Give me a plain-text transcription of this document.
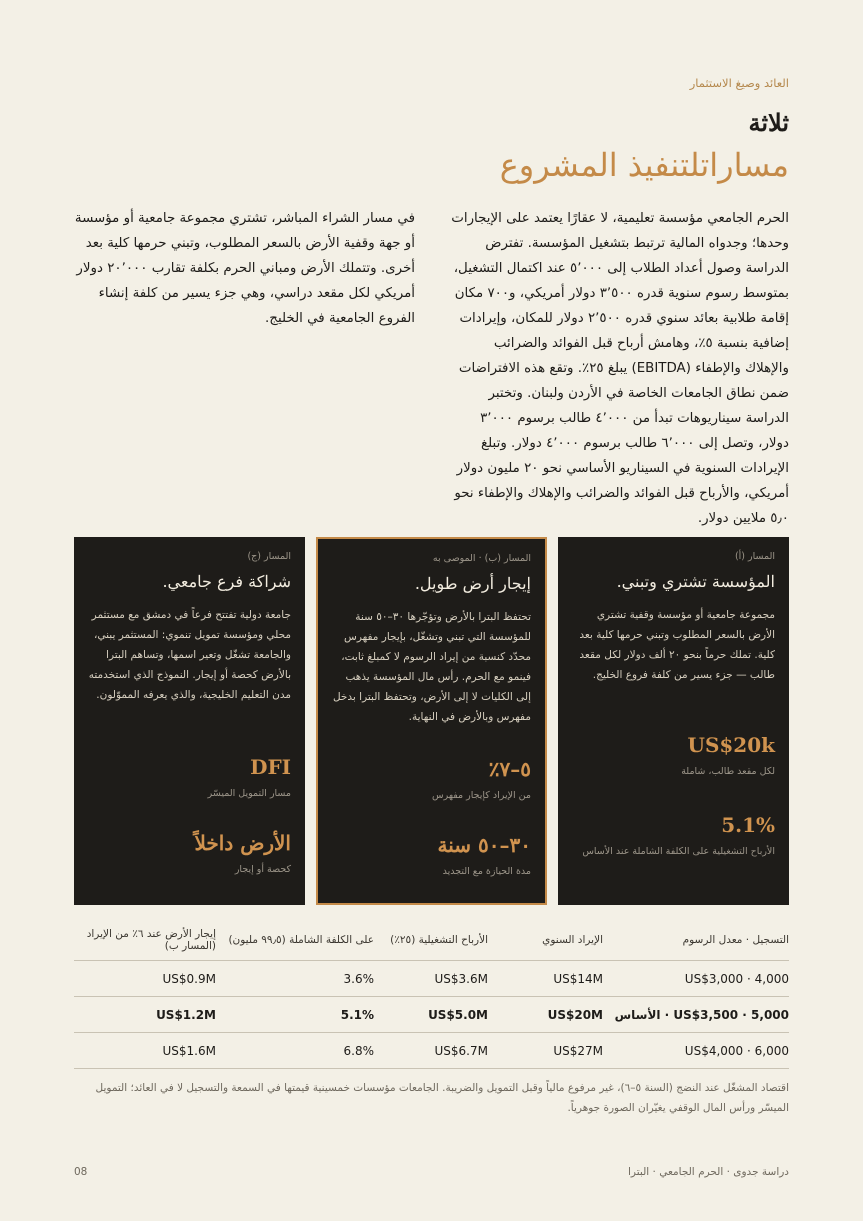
العائد وصيغ الاستثمار
ثلاثة
مساراتلتنفيذ المشروع

الحرم الجامعي مؤسسة تعليمية، لا عقارًا يعتمد على الإيجارات وحدها؛ وجدواه المالية ترتبط بتشغيل المؤسسة. تفترض الدراسة وصول أعداد الطلاب إلى ٥٬٠٠٠ عند اكتمال التشغيل، بمتوسط رسوم سنوية قدره ٣٬٥٠٠ دولار أمريكي، و٧٠٠ مكان إقامة طلابية بعائد سنوي قدره ٢٬٥٠٠ دولار للمكان، وإيرادات إضافية بنسبة ٥٪، وهامش أرباح قبل الفوائد والضرائب والإهلاك والإطفاء (EBITDA) يبلغ ٢٥٪. وتقع هذه الافتراضات ضمن نطاق الجامعات الخاصة في الأردن ولبنان. وتختبر الدراسة سيناريوهات تبدأ من ٤٬٠٠٠ طالب برسوم ٣٬٠٠٠ دولار، وتصل إلى ٦٬٠٠٠ طالب برسوم ٤٬٠٠٠ دولار. وتبلغ الإيرادات السنوية في السيناريو الأساسي نحو ٢٠ مليون دولار أمريكي، والأرباح قبل الفوائد والضرائب والإهلاك والإطفاء نحو ٥٫٠ ملايين دولار.

في مسار الشراء المباشر، تشتري مجموعة جامعية أو مؤسسة أو جهة وقفية الأرض بالسعر المطلوب، وتبني حرمها كلية بعد أخرى. وتتملك الأرض ومباني الحرم بكلفة تقارب ٢٠٬٠٠٠ دولار أمريكي لكل مقعد دراسي، وهي جزء يسير من كلفة إنشاء الفروع الجامعية في الخليج.

المسار (أ)
المؤسسة تشتري وتبني.
مجموعة جامعية أو مؤسسة وقفية تشتري الأرض بالسعر المطلوب وتبني حرمها كلية بعد كلية. تملك حرماً بنحو ٢٠ ألف دولار لكل مقعد طالب — جزء يسير من كلفة فروع الخليج.
US$20k
لكل مقعد طالب، شاملة
5.1%
الأرباح التشغيلية على الكلفة الشاملة عند الأساس
المسار (ب) · الموصى به
إيجار أرض طويل.
تحتفظ البترا بالأرض وتؤجّرها ٣٠–٥٠ سنة للمؤسسة التي تبني وتشغّل، بإيجار مفهرس محدّد كنسبة من إيراد الرسوم لا كمبلغ ثابت، فينمو مع الحرم. رأس مال المؤسسة يذهب إلى الكليات لا إلى الأرض، وتحتفظ البترا بدخل مفهرس وبالأرض في النهاية.
٥–٧٪
من الإيراد كإيجار مفهرس
٣٠–٥٠ سنة
مدة الحيازة مع التجديد
المسار (ج)
شراكة فرع جامعي.
جامعة دولية تفتتح فرعاً في دمشق مع مستثمر محلي ومؤسسة تمويل تنموي: المستثمر يبني، والجامعة تشغّل وتعير اسمها، وتساهم البترا بالأرض كحصة أو إيجار. النموذج الذي استخدمته مدن التعليم الخليجية، والذي يعرفه المموّلون.
DFI
مسار التمويل الميسّر
الأرض داخلاً
كحصة أو إيجار
التسجيل · معدل الرسوم	الإيراد السنوي	الأرباح التشغيلية (٢٥٪)	على الكلفة الشاملة (٩٩٫٥ مليون)	إيجار الأرض عند ٦٪ من الإيراد (المسار ب)
4,000 · US$3,000	US$14M	US$3.6M	3.6%	US$0.9M
5,000 · US$3,500 · الأساس	US$20M	US$5.0M	5.1%	US$1.2M
6,000 · US$4,000	US$27M	US$6.7M	6.8%	US$1.6M

اقتصاد المشغّل عند النضج (السنة ٥–٦)، غير مرفوع مالياً وقبل التمويل والضريبة. الجامعات مؤسسات خمسينية قيمتها في السمعة والتسجيل لا في العائد؛ التمويل الميسّر ورأس المال الوقفي يغيّران الصورة جوهرياً.

دراسة جدوى · الحرم الجامعي · البترا
08
